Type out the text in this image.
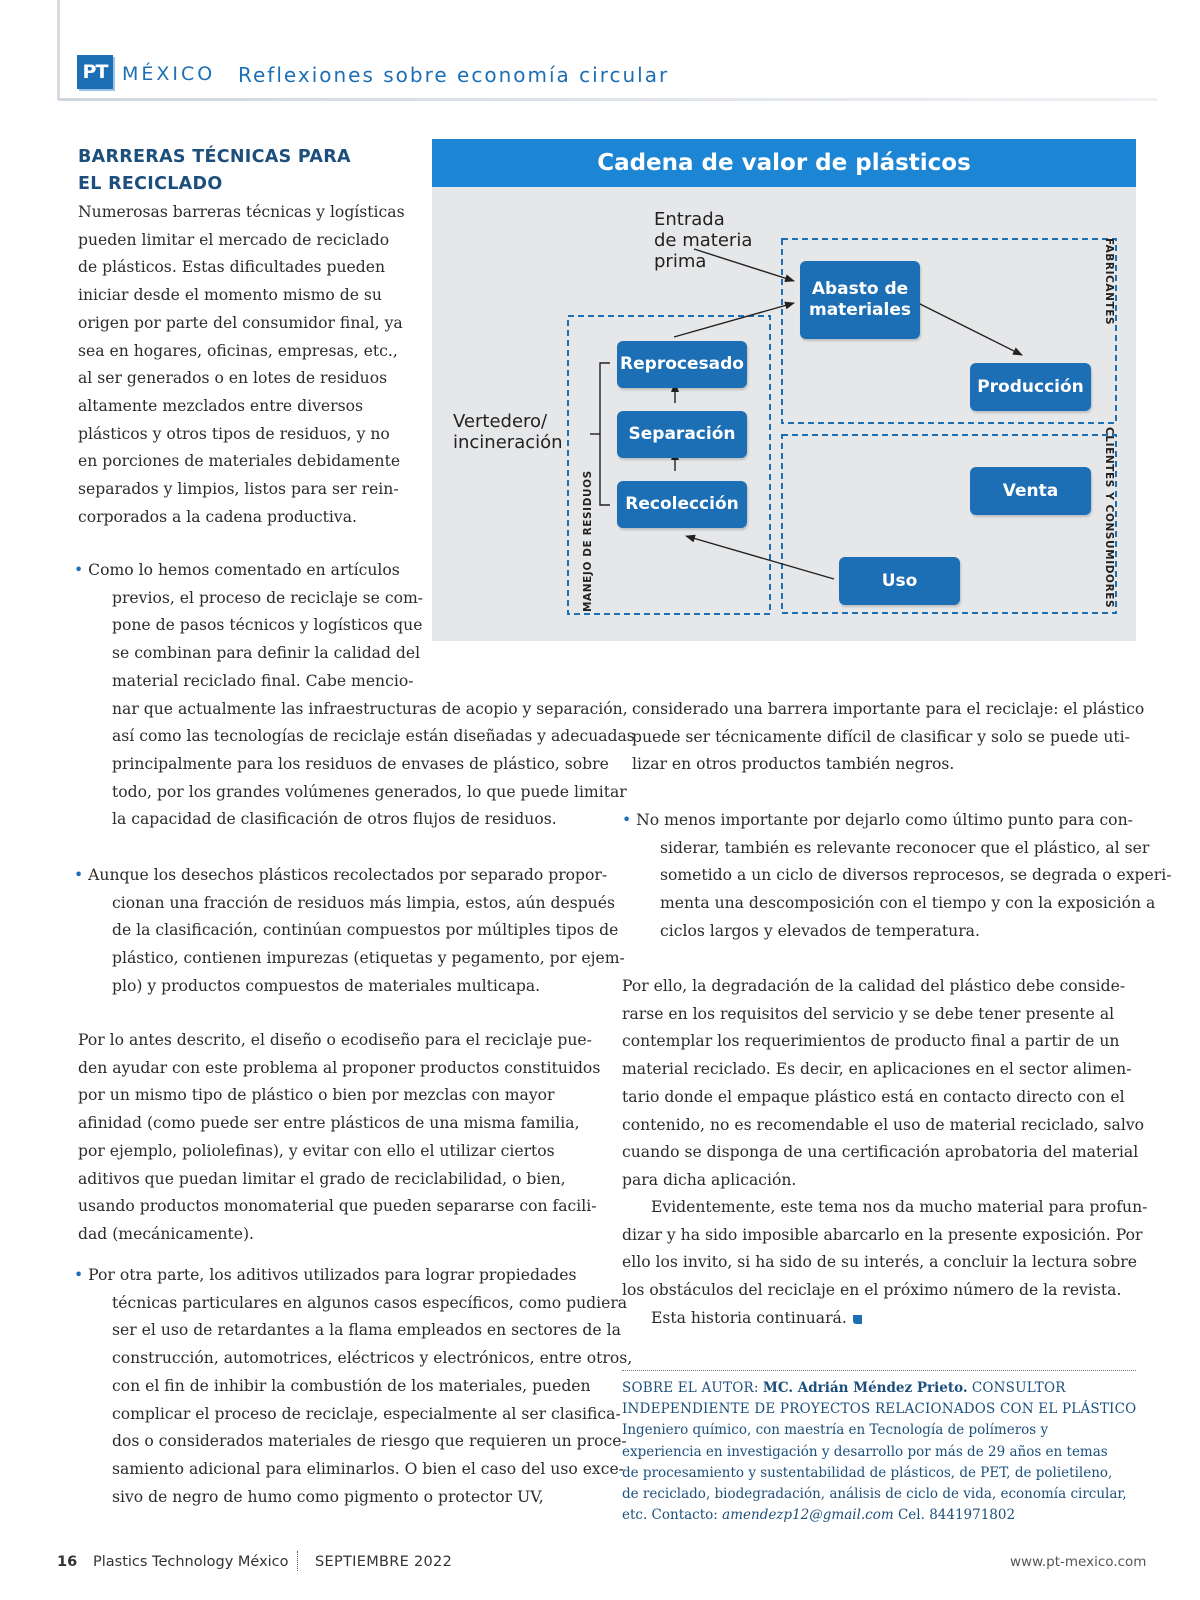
PT MÉXICO Reflexiones sobre economía circular
BARRERAS TÉCNICAS PARA
EL RECICLADO
Numerosas barreras técnicas y logísticas
pueden limitar el mercado de reciclado
de plásticos. Estas dificultades pueden
iniciar desde el momento mismo de su
origen por parte del consumidor final, ya
sea en hogares, oficinas, empresas, etc.,
al ser generados o en lotes de residuos
altamente mezclados entre diversos
plásticos y otros tipos de residuos, y no
en porciones de materiales debidamente
separados y limpios, listos para ser rein-
corporados a la cadena productiva.
• Como lo hemos comentado en artículos
previos, el proceso de reciclaje se com-
pone de pasos técnicos y logísticos que
se combinan para definir la calidad del
material reciclado final. Cabe mencio-
nar que actualmente las infraestructuras de acopio y separación,
así como las tecnologías de reciclaje están diseñadas y adecuadas
principalmente para los residuos de envases de plástico, sobre
todo, por los grandes volúmenes generados, lo que puede limitar
la capacidad de clasificación de otros flujos de residuos.
• Aunque los desechos plásticos recolectados por separado propor-
cionan una fracción de residuos más limpia, estos, aún después
de la clasificación, continúan compuestos por múltiples tipos de
plástico, contienen impurezas (etiquetas y pegamento, por ejem-
plo) y productos compuestos de materiales multicapa.
Por lo antes descrito, el diseño o ecodiseño para el reciclaje pue-
den ayudar con este problema al proponer productos constituidos
por un mismo tipo de plástico o bien por mezclas con mayor
afinidad (como puede ser entre plásticos de una misma familia,
por ejemplo, poliolefinas), y evitar con ello el utilizar ciertos
aditivos que puedan limitar el grado de reciclabilidad, o bien,
usando productos monomaterial que pueden separarse con facili-
dad (mecánicamente).
• Por otra parte, los aditivos utilizados para lograr propiedades
técnicas particulares en algunos casos específicos, como pudiera
ser el uso de retardantes a la flama empleados en sectores de la
construcción, automotrices, eléctricos y electrónicos, entre otros,
con el fin de inhibir la combustión de los materiales, pueden
complicar el proceso de reciclaje, especialmente al ser clasifica-
dos o considerados materiales de riesgo que requieren un proce-
samiento adicional para eliminarlos. O bien el caso del uso exce-
sivo de negro de humo como pigmento o protector UV,
considerado una barrera importante para el reciclaje: el plástico
puede ser técnicamente difícil de clasificar y solo se puede uti-
lizar en otros productos también negros.
• No menos importante por dejarlo como último punto para con-
siderar, también es relevante reconocer que el plástico, al ser
sometido a un ciclo de diversos reprocesos, se degrada o experi-
menta una descomposición con el tiempo y con la exposición a
ciclos largos y elevados de temperatura.
Por ello, la degradación de la calidad del plástico debe conside-
rarse en los requisitos del servicio y se debe tener presente al
contemplar los requerimientos de producto final a partir de un
material reciclado. Es decir, en aplicaciones en el sector alimen-
tario donde el empaque plástico está en contacto directo con el
contenido, no es recomendable el uso de material reciclado, salvo
cuando se disponga de una certificación aprobatoria del material
para dicha aplicación.
Evidentemente, este tema nos da mucho material para profun-
dizar y ha sido imposible abarcarlo en la presente exposición. Por
ello los invito, si ha sido de su interés, a concluir la lectura sobre
los obstáculos del reciclaje en el próximo número de la revista.
Esta historia continuará.
Cadena de valor de plásticos
Entrada
de materia
prima
Vertedero/
incineración
Abasto de
materiales
Producción
Venta
Uso
Reprocesado
Separación
Recolección
FABRICANTES
CLIENTES Y CONSUMIDORES
MANEJO DE RESIDUOS
SOBRE EL AUTOR: MC. Adrián Méndez Prieto. CONSULTOR
INDEPENDIENTE DE PROYECTOS RELACIONADOS CON EL PLÁSTICO
Ingeniero químico, con maestría en Tecnología de polímeros y
experiencia en investigación y desarrollo por más de 29 años en temas
de procesamiento y sustentabilidad de plásticos, de PET, de polietileno,
de reciclado, biodegradación, análisis de ciclo de vida, economía circular,
etc. Contacto: amendezp12@gmail.com Cel. 8441971802
16 Plastics Technology México SEPTIEMBRE 2022	www.pt-mexico.com
